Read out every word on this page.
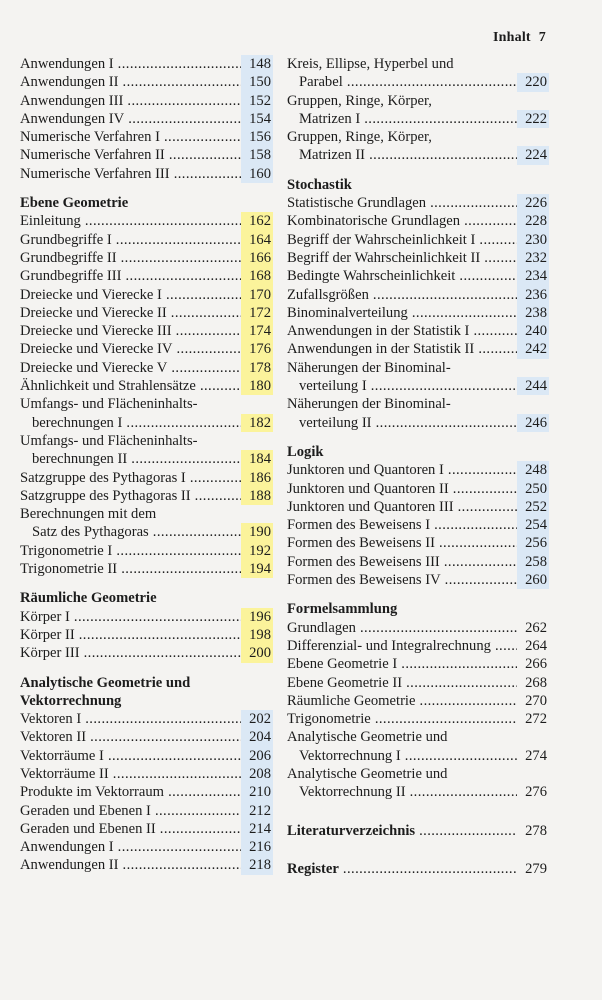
Inhalt 7
Anwendungen I .....	148
Anwendungen II .....	150
Anwendungen III .....	152
Anwendungen IV .....	154
Numerische Verfahren I .....	156
Numerische Verfahren II .....	158
Numerische Verfahren III .....	160
Ebene Geometrie
Einleitung .....	162
Grundbegriffe I .....	164
Grundbegriffe II .....	166
Grundbegriffe III .....	168
Dreiecke und Vierecke I .....	170
Dreiecke und Vierecke II .....	172
Dreiecke und Vierecke III .....	174
Dreiecke und Vierecke IV .....	176
Dreiecke und Vierecke V .....	178
Ähnlichkeit und Strahlensätze .....	180
Umfangs- und Flächeninhalts-
berechnungen I .....	182
Umfangs- und Flächeninhalts-
berechnungen II .....	184
Satzgruppe des Pythagoras I .....	186
Satzgruppe des Pythagoras II .....	188
Berechnungen mit dem
Satz des Pythagoras .....	190
Trigonometrie I .....	192
Trigonometrie II .....	194
Räumliche Geometrie
Körper I .....	196
Körper II .....	198
Körper III .....	200
Analytische Geometrie und
Vektorrechnung
Vektoren I .....	202
Vektoren II .....	204
Vektorräume I .....	206
Vektorräume II .....	208
Produkte im Vektorraum .....	210
Geraden und Ebenen I .....	212
Geraden und Ebenen II .....	214
Anwendungen I .....	216
Anwendungen II .....	218
Kreis, Ellipse, Hyperbel und
Parabel .....	220
Gruppen, Ringe, Körper,
Matrizen I .....	222
Gruppen, Ringe, Körper,
Matrizen II .....	224
Stochastik
Statistische Grundlagen .....	226
Kombinatorische Grundlagen .....	228
Begriff der Wahrscheinlichkeit I .....	230
Begriff der Wahrscheinlichkeit II .....	232
Bedingte Wahrscheinlichkeit .....	234
Zufallsgrößen .....	236
Binominalverteilung .....	238
Anwendungen in der Statistik I .....	240
Anwendungen in der Statistik II .....	242
Näherungen der Binominal-
verteilung I .....	244
Näherungen der Binominal-
verteilung II .....	246
Logik
Junktoren und Quantoren I .....	248
Junktoren und Quantoren II .....	250
Junktoren und Quantoren III .....	252
Formen des Beweisens I .....	254
Formen des Beweisens II .....	256
Formen des Beweisens III .....	258
Formen des Beweisens IV .....	260
Formelsammlung
Grundlagen .....	262
Differenzial- und Integralrechnung .....	264
Ebene Geometrie I .....	266
Ebene Geometrie II .....	268
Räumliche Geometrie .....	270
Trigonometrie .....	272
Analytische Geometrie und
Vektorrechnung I .....	274
Analytische Geometrie und
Vektorrechnung II .....	276
Literaturverzeichnis .....	278
Register .....	279
